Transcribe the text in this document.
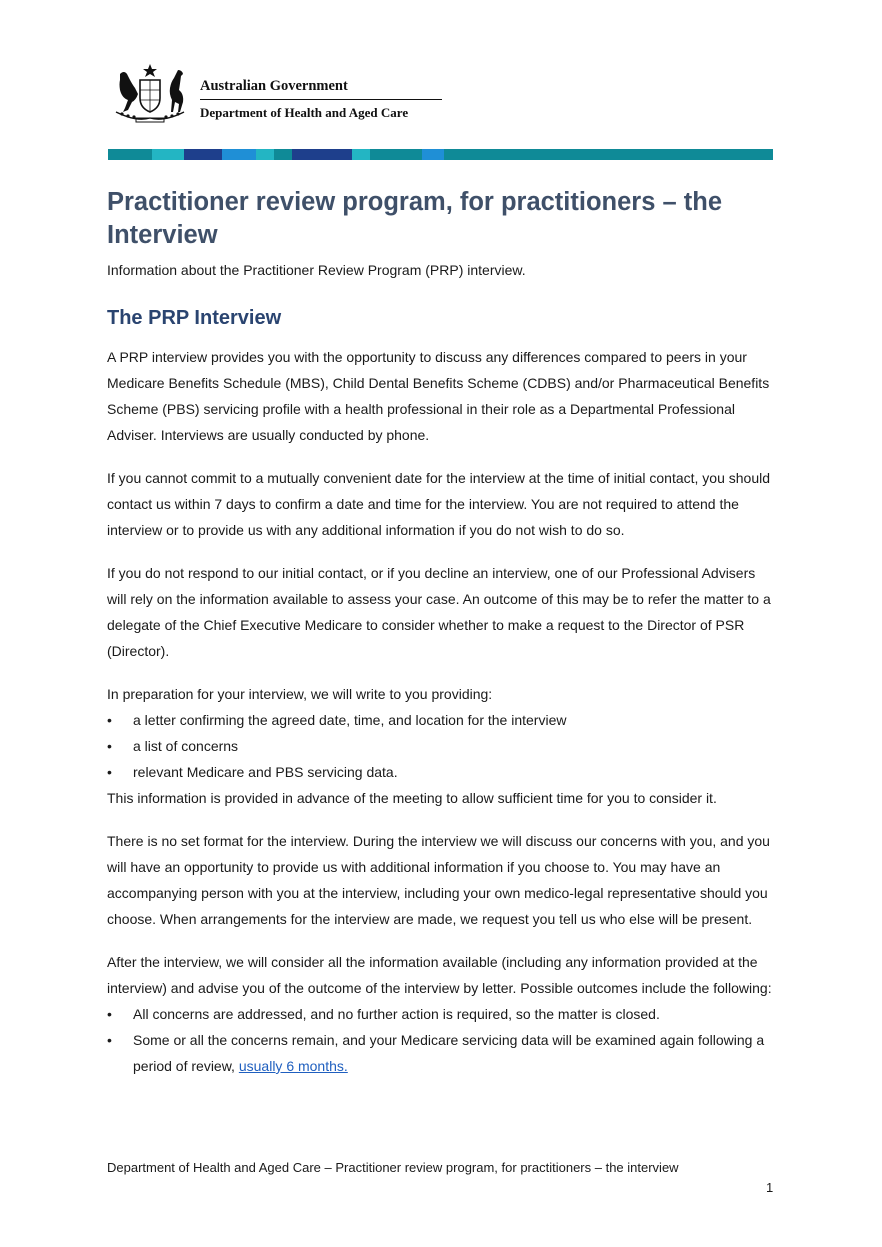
Australian Government
Department of Health and Aged Care
Practitioner review program, for practitioners – the Interview

Information about the Practitioner Review Program (PRP) interview.

The PRP Interview

A PRP interview provides you with the opportunity to discuss any differences compared to peers in your Medicare Benefits Schedule (MBS), Child Dental Benefits Scheme (CDBS) and/or Pharmaceutical Benefits Scheme (PBS) servicing profile with a health professional in their role as a Departmental Professional Adviser. Interviews are usually conducted by phone.

If you cannot commit to a mutually convenient date for the interview at the time of initial contact, you should contact us within 7 days to confirm a date and time for the interview. You are not required to attend the interview or to provide us with any additional information if you do not wish to do so.

If you do not respond to our initial contact, or if you decline an interview, one of our Professional Advisers will rely on the information available to assess your case. An outcome of this may be to refer the matter to a delegate of the Chief Executive Medicare to consider whether to make a request to the Director of PSR (Director).

In preparation for your interview, we will write to you providing:

•	a letter confirming the agreed date, time, and location for the interview
•	a list of concerns
•	relevant Medicare and PBS servicing data.

This information is provided in advance of the meeting to allow sufficient time for you to consider it.

There is no set format for the interview. During the interview we will discuss our concerns with you, and you will have an opportunity to provide us with additional information if you choose to. You may have an accompanying person with you at the interview, including your own medico-legal representative should you choose. When arrangements for the interview are made, we request you tell us who else will be present.

After the interview, we will consider all the information available (including any information provided at the interview) and advise you of the outcome of the interview by letter. Possible outcomes include the following:

•	All concerns are addressed, and no further action is required, so the matter is closed.
•	Some or all the concerns remain, and your Medicare servicing data will be examined again following a period of review, usually 6 months.
Department of Health and Aged Care – Practitioner review program, for practitioners – the interview
1
